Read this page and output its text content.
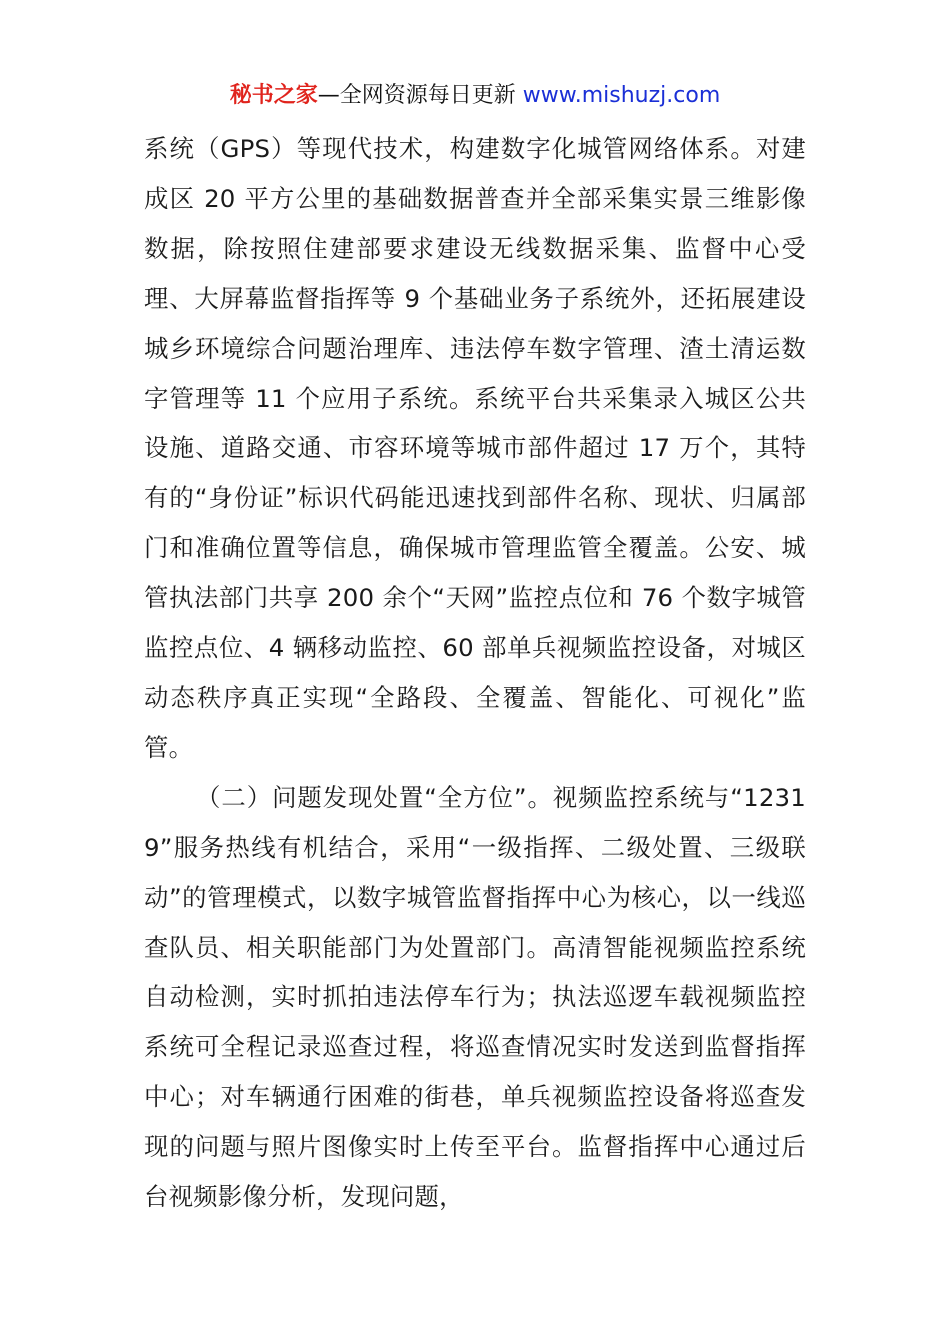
秘书之家—全网资源每日更新 www.mishuzj.com

系统（GPS）等现代技术，构建数字化城管网络体系。对建成区 20 平方公里的基础数据普查并全部采集实景三维影像数据，除按照住建部要求建设无线数据采集、监督中心受理、大屏幕监督指挥等 9 个基础业务子系统外，还拓展建设城乡环境综合问题治理库、违法停车数字管理、渣土清运数字管理等 11 个应用子系统。系统平台共采集录入城区公共设施、道路交通、市容环境等城市部件超过 17 万个，其特有的“身份证”标识代码能迅速找到部件名称、现状、归属部门和准确位置等信息，确保城市管理监管全覆盖。公安、城管执法部门共享 200 余个“天网”监控点位和 76 个数字城管监控点位、4 辆移动监控、60 部单兵视频监控设备，对城区动态秩序真正实现“全路段、全覆盖、智能化、可视化”监管。

（二）问题发现处置“全方位”。视频监控系统与“12319”服务热线有机结合，采用“一级指挥、二级处置、三级联动”的管理模式，以数字城管监督指挥中心为核心，以一线巡查队员、相关职能部门为处置部门。高清智能视频监控系统自动检测，实时抓拍违法停车行为；执法巡逻车载视频监控系统可全程记录巡查过程，将巡查情况实时发送到监督指挥中心；对车辆通行困难的街巷，单兵视频监控设备将巡查发现的问题与照片图像实时上传至平台。监督指挥中心通过后台视频影像分析，发现问题，
